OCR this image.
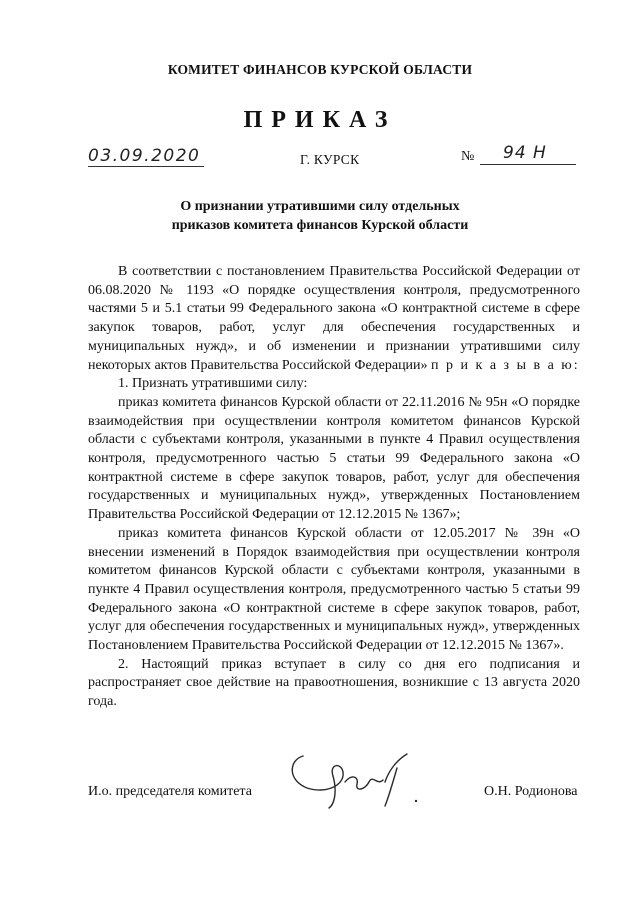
КОМИТЕТ ФИНАНСОВ КУРСКОЙ ОБЛАСТИ
ПРИКАЗ
03.09.2020	Г. КУРСК	№ 94 Н
О признании утратившими силу отдельных
приказов комитета финансов Курской области

В соответствии с постановлением Правительства Российской Федерации от 06.08.2020 № 1193 «О порядке осуществления контроля, предусмотренного частями 5 и 5.1 статьи 99 Федерального закона «О контрактной системе в сфере закупок товаров, работ, услуг для обеспечения государственных и муниципальных нужд», и об изменении и признании утратившими силу некоторых актов Правительства Российской Федерации» п р и к а з ы в а ю:

1. Признать утратившими силу:

приказ комитета финансов Курской области от 22.11.2016 № 95н «О порядке взаимодействия при осуществлении контроля комитетом финансов Курской области с субъектами контроля, указанными в пункте 4 Правил осуществления контроля, предусмотренного частью 5 статьи 99 Федерального закона «О контрактной системе в сфере закупок товаров, работ, услуг для обеспечения государственных и муниципальных нужд», утвержденных Постановлением Правительства Российской Федерации от 12.12.2015 № 1367»;

приказ комитета финансов Курской области от 12.05.2017 № 39н «О внесении изменений в Порядок взаимодействия при осуществлении контроля комитетом финансов Курской области с субъектами контроля, указанными в пункте 4 Правил осуществления контроля, предусмотренного частью 5 статьи 99 Федерального закона «О контрактной системе в сфере закупок товаров, работ, услуг для обеспечения государственных и муниципальных нужд», утвержденных Постановлением Правительства Российской Федерации от 12.12.2015 № 1367».

2. Настоящий приказ вступает в силу со дня его подписания и распространяет свое действие на правоотношения, возникшие с 13 августа 2020 года.

И.о. председателя комитета	О.Н. Родионова
